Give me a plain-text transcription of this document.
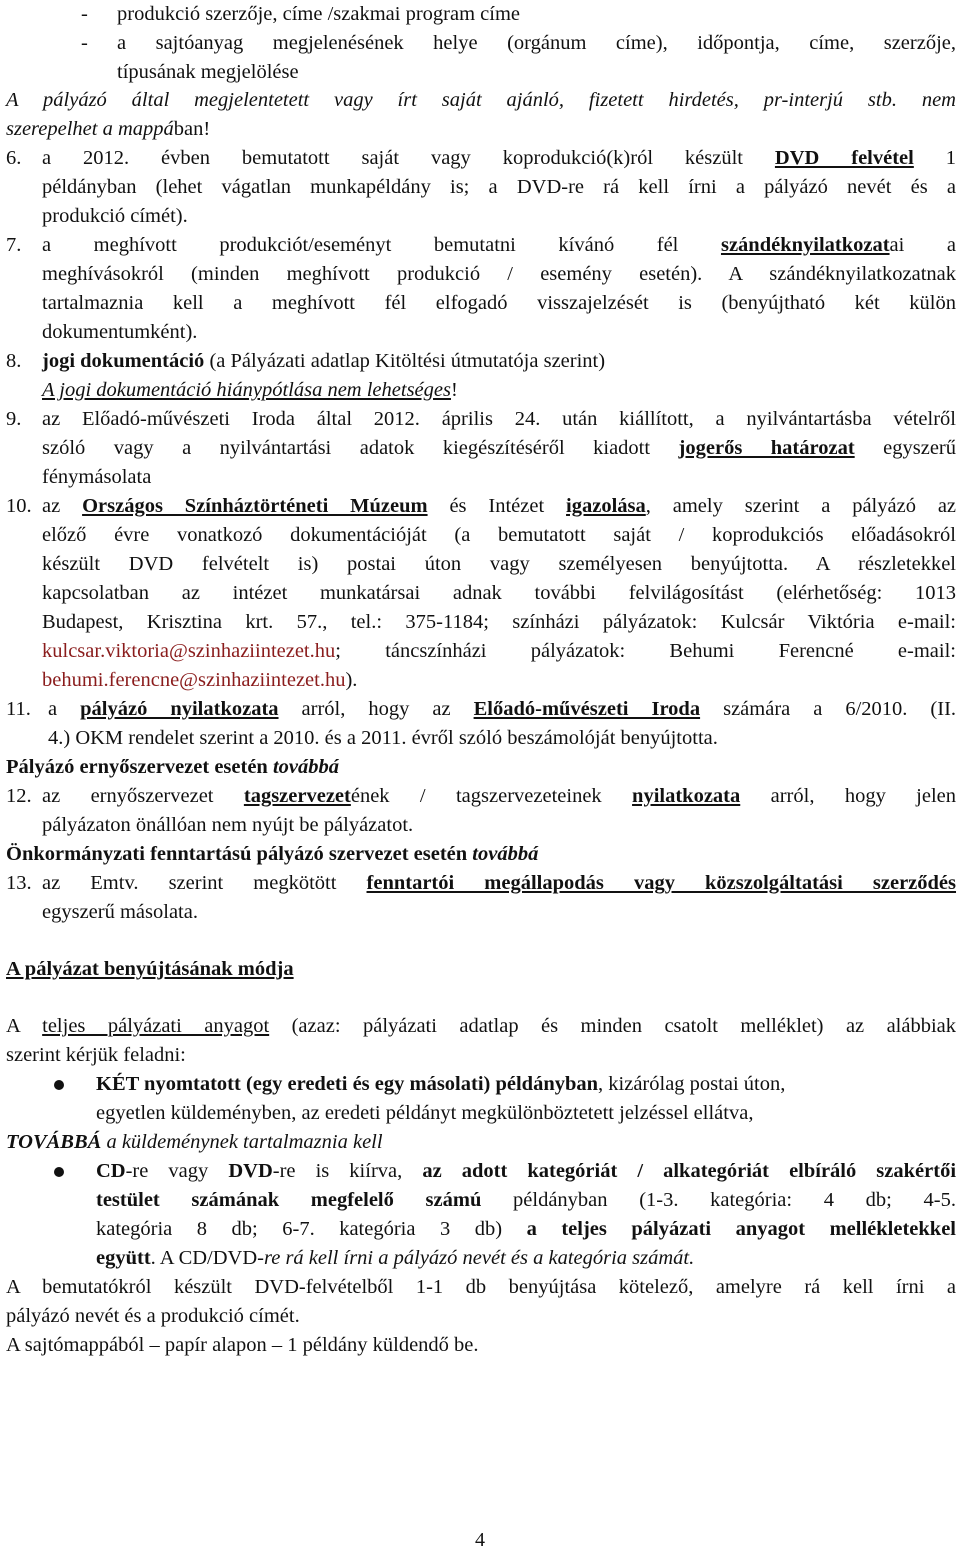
- produkció szerzője, címe /szakmai program címe
- a sajtóanyag megjelenésének helye (orgánum címe), időpontja, címe, szerzője,
típusának megjelölése
A pályázó által megjelentetett vagy írt saját ajánló, fizetett hirdetés, pr-interjú stb. nem
szerepelhet a mappában!
6. a 2012. évben bemutatott saját vagy koprodukció(k)ról készült DVD felvétel 1
példányban (lehet vágatlan munkapéldány is; a DVD-re rá kell írni a pályázó nevét és a
produkció címét).
7. a meghívott produkciót/eseményt bemutatni kívánó fél szándéknyilatkozatai a
meghívásokról (minden meghívott produkció / esemény esetén). A szándéknyilatkozatnak
tartalmaznia kell a meghívott fél elfogadó visszajelzését is (benyújtható két külön
dokumentumként).
8. jogi dokumentáció (a Pályázati adatlap Kitöltési útmutatója szerint)
A jogi dokumentáció hiánypótlása nem lehetséges!
9. az Előadó-művészeti Iroda által 2012. április 24. után kiállított, a nyilvántartásba vételről
szóló vagy a nyilvántartási adatok kiegészítéséről kiadott jogerős határozat egyszerű
fénymásolata
10. az Országos Színháztörténeti Múzeum és Intézet igazolása, amely szerint a pályázó az
előző évre vonatkozó dokumentációját (a bemutatott saját / koprodukciós előadásokról
készült DVD felvételt is) postai úton vagy személyesen benyújtotta. A részletekkel
kapcsolatban az intézet munkatársai adnak további felvilágosítást (elérhetőség: 1013
Budapest, Krisztina krt. 57., tel.: 375-1184; színházi pályázatok: Kulcsár Viktória e-mail:
kulcsar.viktoria@szinhaziintezet.hu; táncszínházi pályázatok: Behumi Ferencné e-mail:
behumi.ferencne@szinhaziintezet.hu).
11. a pályázó nyilatkozata arról, hogy az Előadó-művészeti Iroda számára a 6/2010. (II.
4.) OKM rendelet szerint a 2010. és a 2011. évről szóló beszámolóját benyújtotta.
Pályázó ernyőszervezet esetén továbbá
12. az ernyőszervezet tagszervezetének / tagszervezeteinek nyilatkozata arról, hogy jelen
pályázaton önállóan nem nyújt be pályázatot.
Önkormányzati fenntartású pályázó szervezet esetén továbbá
13. az Emtv. szerint megkötött fenntartói megállapodás vagy közszolgáltatási szerződés
egyszerű másolata.
A pályázat benyújtásának módja
A teljes pályázati anyagot (azaz: pályázati adatlap és minden csatolt melléklet) az alábbiak
szerint kérjük feladni:
KÉT nyomtatott (egy eredeti és egy másolati) példányban, kizárólag postai úton,
egyetlen küldeményben, az eredeti példányt megkülönböztetett jelzéssel ellátva,
TOVÁBBÁ a küldeménynek tartalmaznia kell
CD-re vagy DVD-re is kiírva, az adott kategóriát / alkategóriát elbíráló szakértői
testület számának megfelelő számú példányban (1-3. kategória: 4 db; 4-5.
kategória 8 db; 6-7. kategória 3 db) a teljes pályázati anyagot mellékletekkel
együtt. A CD/DVD-re rá kell írni a pályázó nevét és a kategória számát.
A bemutatókról készült DVD-felvételből 1-1 db benyújtása kötelező, amelyre rá kell írni a
pályázó nevét és a produkció címét.
A sajtómappából – papír alapon – 1 példány küldendő be.
4
